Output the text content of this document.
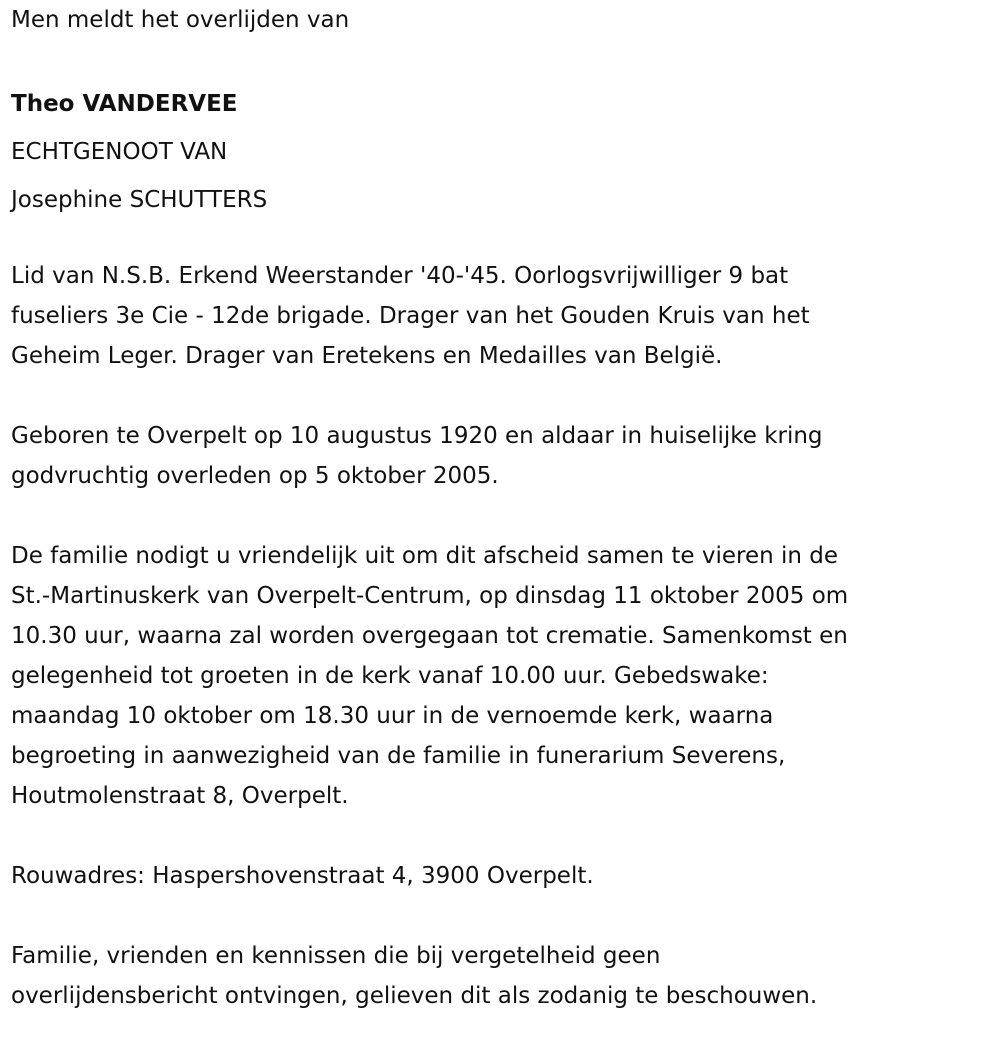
Men meldt het overlijden van
Theo VANDERVEE
ECHTGENOOT VAN
Josephine SCHUTTERS
Lid van N.S.B. Erkend Weerstander '40-'45. Oorlogsvrijwilliger 9 bat
fuseliers 3e Cie - 12de brigade. Drager van het Gouden Kruis van het
Geheim Leger. Drager van Eretekens en Medailles van België.
Geboren te Overpelt op 10 augustus 1920 en aldaar in huiselijke kring
godvruchtig overleden op 5 oktober 2005.
De familie nodigt u vriendelijk uit om dit afscheid samen te vieren in de
St.-Martinuskerk van Overpelt-Centrum, op dinsdag 11 oktober 2005 om
10.30 uur, waarna zal worden overgegaan tot crematie. Samenkomst en
gelegenheid tot groeten in de kerk vanaf 10.00 uur. Gebedswake:
maandag 10 oktober om 18.30 uur in de vernoemde kerk, waarna
begroeting in aanwezigheid van de familie in funerarium Severens,
Houtmolenstraat 8, Overpelt.
Rouwadres: Haspershovenstraat 4, 3900 Overpelt.
Familie, vrienden en kennissen die bij vergetelheid geen
overlijdensbericht ontvingen, gelieven dit als zodanig te beschouwen.
